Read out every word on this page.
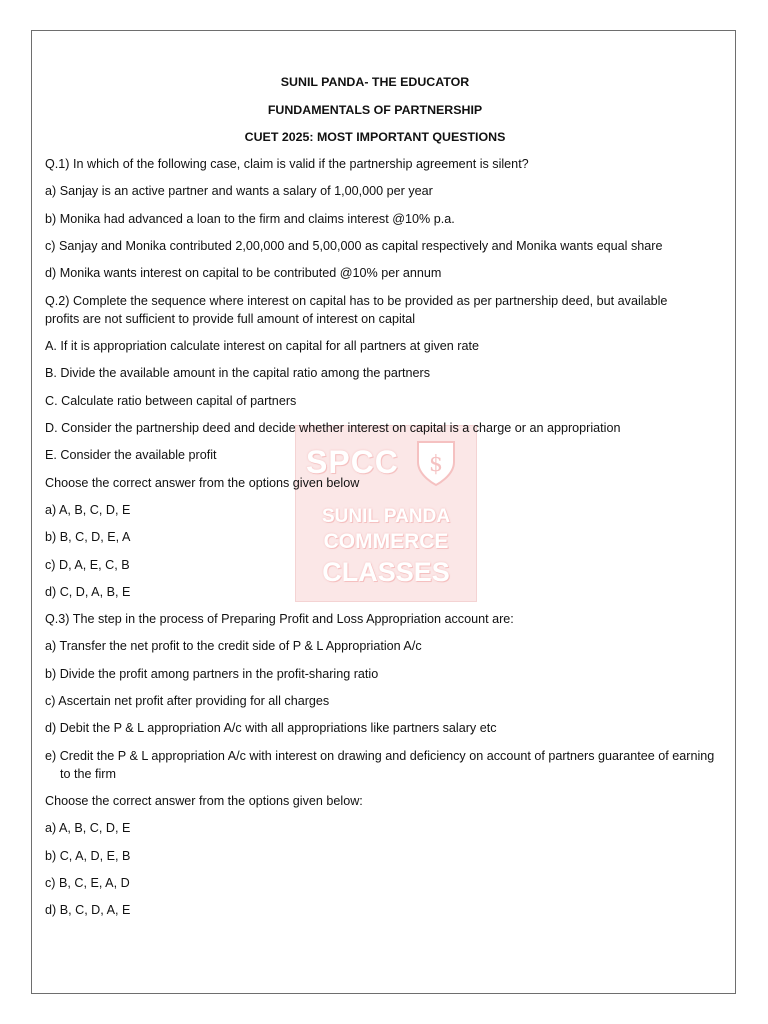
SPCC $
SUNIL PANDA
COMMERCE
CLASSES
SUNIL PANDA- THE EDUCATOR
FUNDAMENTALS OF PARTNERSHIP
CUET 2025: MOST IMPORTANT QUESTIONS
Q.1) In which of the following case, claim is valid if the partnership agreement is silent?
a) Sanjay is an active partner and wants a salary of 1,00,000 per year
b) Monika had advanced a loan to the firm and claims interest @10% p.a.
c) Sanjay and Monika contributed 2,00,000 and 5,00,000 as capital respectively and Monika wants equal share
d) Monika wants interest on capital to be contributed @10% per annum
Q.2) Complete the sequence where interest on capital has to be provided as per partnership deed, but available profits are not sufficient to provide full amount of interest on capital
A. If it is appropriation calculate interest on capital for all partners at given rate
B. Divide the available amount in the capital ratio among the partners
C. Calculate ratio between capital of partners
D. Consider the partnership deed and decide whether interest on capital is a charge or an appropriation
E. Consider the available profit
Choose the correct answer from the options given below
a) A, B, C, D, E
b) B, C, D, E, A
c) D, A, E, C, B
d) C, D, A, B, E
Q.3) The step in the process of Preparing Profit and Loss Appropriation account are:
a) Transfer the net profit to the credit side of P & L Appropriation A/c
b) Divide the profit among partners in the profit-sharing ratio
c) Ascertain net profit after providing for all charges
d) Debit the P & L appropriation A/c with all appropriations like partners salary etc
e) Credit the P & L appropriation A/c with interest on drawing and deficiency on account of partners guarantee of earning to the firm
Choose the correct answer from the options given below:
a) A, B, C, D, E
b) C, A, D, E, B
c) B, C, E, A, D
d) B, C, D, A, E
